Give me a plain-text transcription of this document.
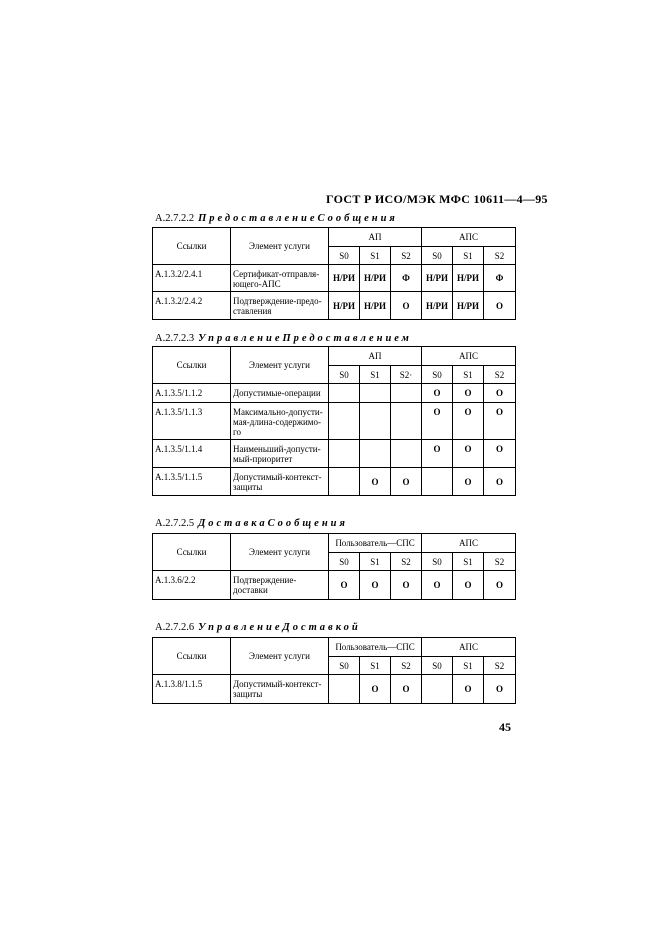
ГОСТ Р ИСО/МЭК МФС 10611—4—95
A.2.7.2.2 ПредоставлениеСообщения
Ссылки	Элемент услуги	АП			АПС		
		S0	S1	S2	S0	S1	S2
A.1.3.2/2.4.1	Сертификат-отправля-ющего-АПС	Н/РИ	Н/РИ	Ф	Н/РИ	Н/РИ	Ф
A.1.3.2/2.4.2	Подтверждение-предо-ставления	Н/РИ	Н/РИ	О	Н/РИ	Н/РИ	О
A.2.7.2.3 УправлениеПредоставлением
Ссылки	Элемент услуги	АП			АПС		
		S0	S1	S2·	S0	S1	S2
A.1.3.5/1.1.2	Допустимые-операции				О	О	О
A.1.3.5/1.1.3	Максимально-допусти-мая-длина-содержимо-го				О	О	О
A.1.3.5/1.1.4	Наименьший-допусти-мый-приоритет				О	О	О
A.1.3.5/1.1.5	Допустимый-контекст-защиты		О	О		О	О
A.2.7.2.5 ДоставкаСообщения
Ссылки	Элемент услуги	Пользователь—СПС			АПС		
		S0	S1	S2	S0	S1	S2
A.1.3.6/2.2	Подтверждение-доставки	О	О	О	О	О	О
A.2.7.2.6 УправлениеДоставкой
Ссылки	Элемент услуги	Пользователь—СПС			АПС		
		S0	S1	S2	S0	S1	S2
A.1.3.8/1.1.5	Допустимый-контекст-защиты		О	О		О	О
45
